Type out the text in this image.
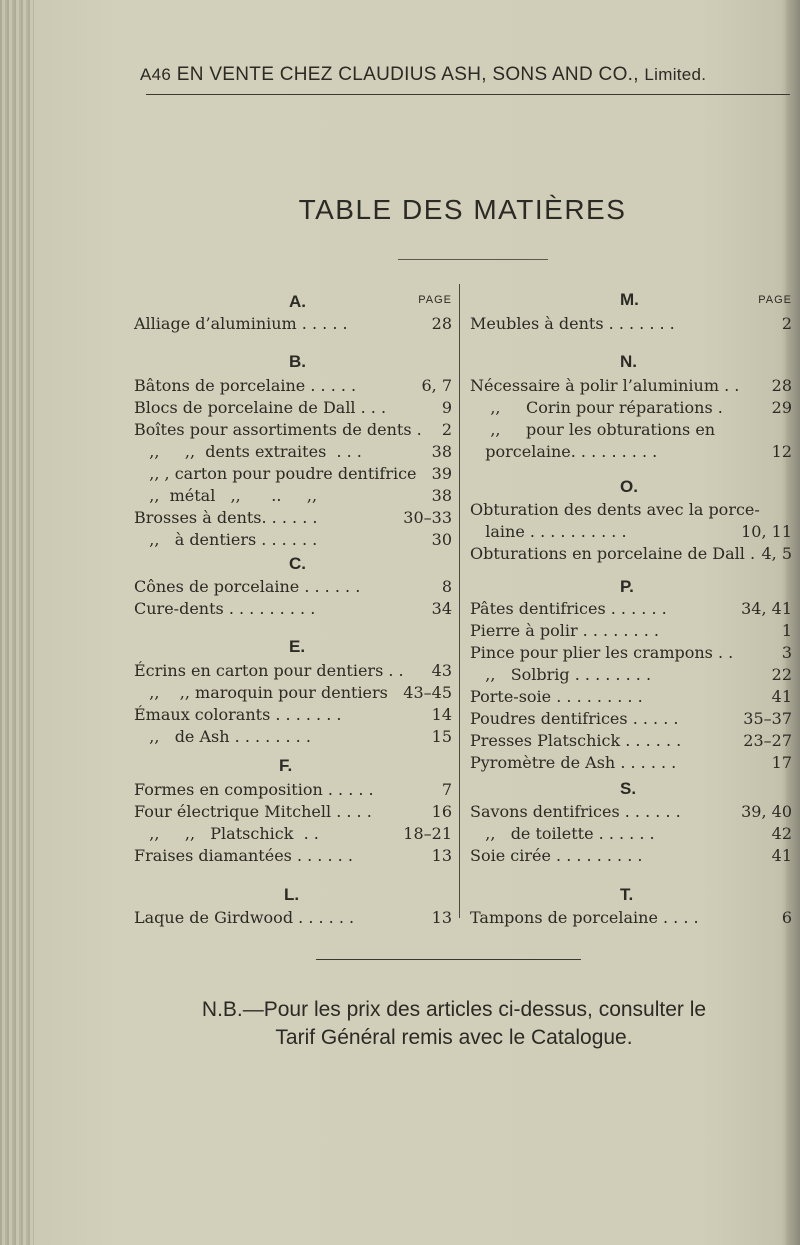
A46 EN VENTE CHEZ CLAUDIUS ASH, SONS AND CO., Limited.
TABLE DES MATIÈRES
PAGE
A.
Alliage d’aluminium . . . . .	28
B.
Bâtons de porcelaine . . . . .	6, 7
Blocs de porcelaine de Dall . . .	9
Boîtes pour assortiments de dents . 2
,,     ,,  dents extraites  . . .	38
,, , carton pour poudre dentifrice 39
,,  métal   ,,      ..     ,,	38
Brosses à dents. . . . . .	30–33
,,   à dentiers . . . . . .	30
C.
Cônes de porcelaine . . . . . .	8
Cure-dents . . . . . . . . .	34
E.
Écrins en carton pour dentiers . . 43
,,    ,, maroquin pour dentiers 43–45
Émaux colorants . . . . . . .	14
,,   de Ash . . . . . . . .	15
F.
Formes en composition . . . . .	7
Four électrique Mitchell . . . .	16
,,     ,,   Platschick  . .	18–21
Fraises diamantées . . . . . .	13
L.
Laque de Girdwood . . . . . .	13
PAGE
M.
Meubles à dents . . . . . . .	2
N.
Nécessaire à polir l’aluminium . . 28
,,     Corin pour réparations .	29
,,     pour les obturations en
porcelaine. . . . . . . . .	12
O.
Obturation des dents avec la porce-
laine . . . . . . . . . .	10, 11
Obturations en porcelaine de Dall . 4, 5
P.
Pâtes dentifrices . . . . . .	34, 41
Pierre à polir . . . . . . . .	1
Pince pour plier les crampons . .	3
,,   Solbrig . . . . . . . .	22
Porte-soie . . . . . . . . .	41
Poudres dentifrices . . . . .	35–37
Presses Platschick . . . . . .	23–27
Pyromètre de Ash . . . . . .	17
S.
Savons dentifrices . . . . . .	39, 40
,,   de toilette . . . . . .	42
Soie cirée . . . . . . . . .	41
T.
Tampons de porcelaine . . . .	6
N.B.—Pour les prix des articles ci-dessus, consulter le
Tarif Général remis avec le Catalogue.
